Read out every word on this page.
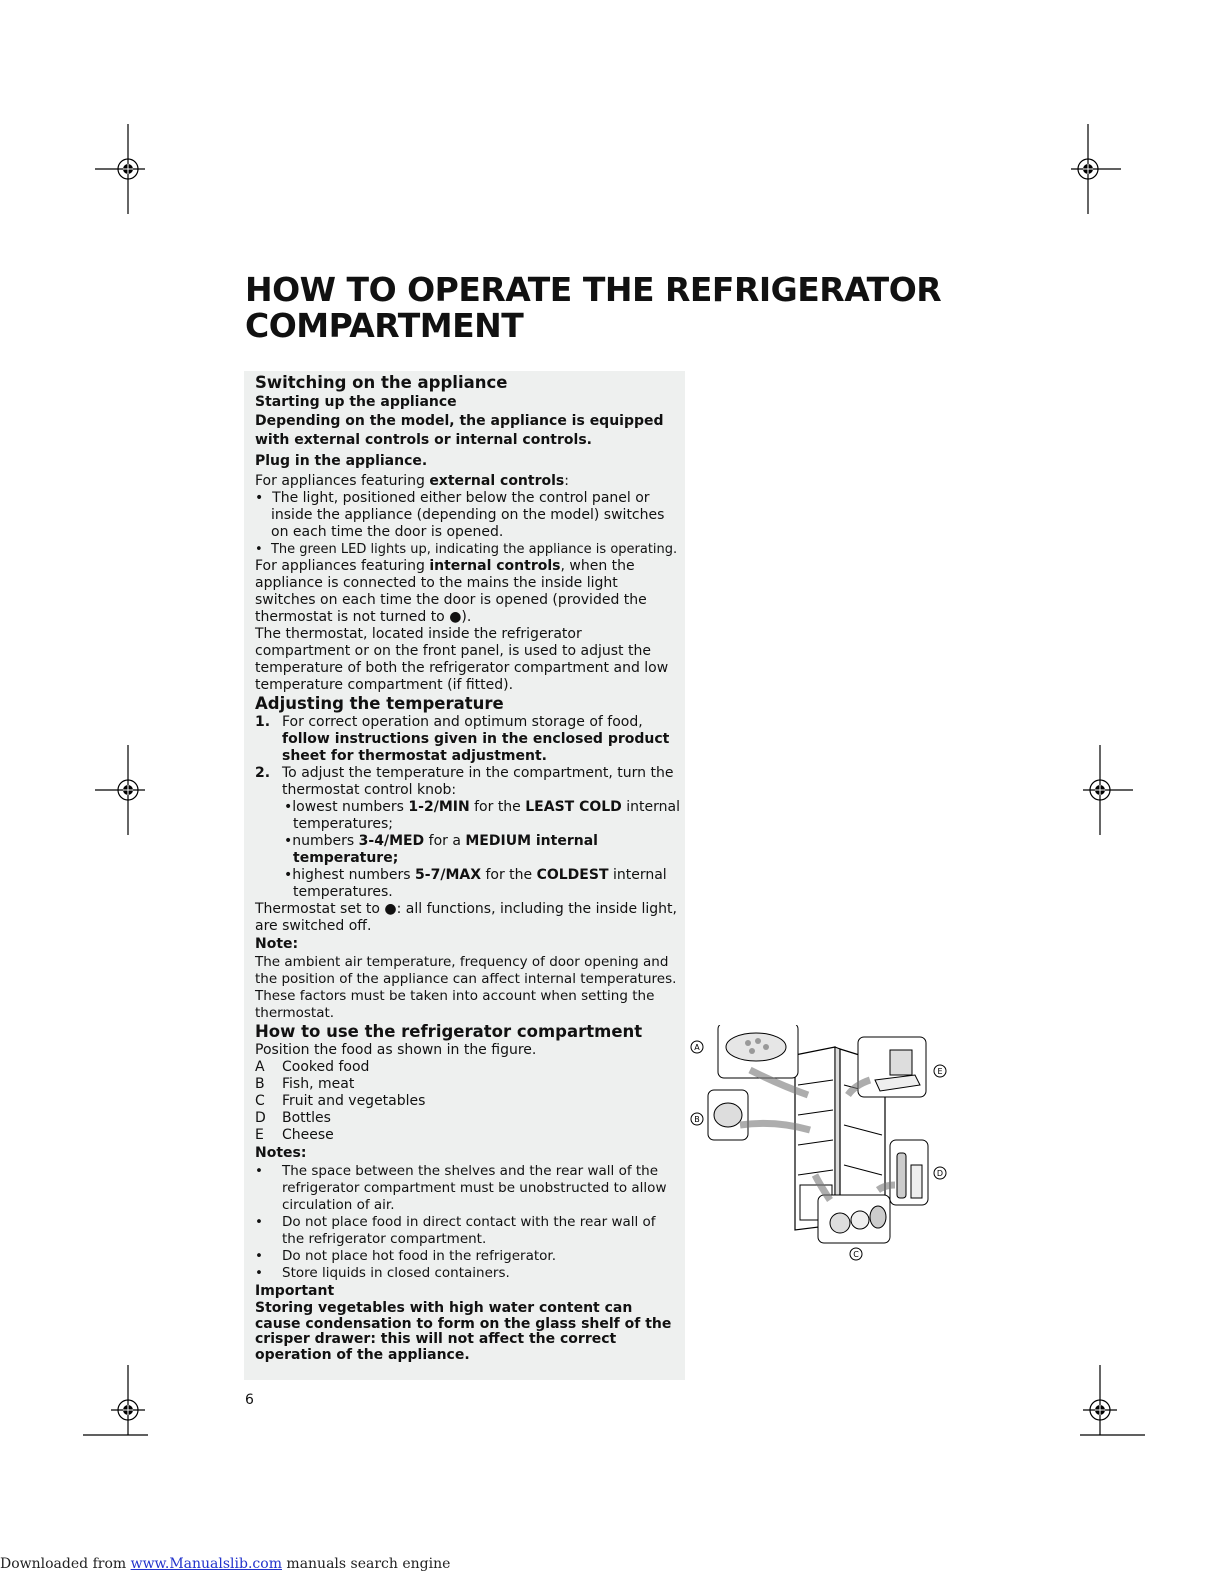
HOW TO OPERATE THE REFRIGERATOR
COMPARTMENT

Switching on the appliance

Starting up the appliance

Depending on the model, the appliance is equipped with external controls or internal controls.

Plug in the appliance.

For appliances featuring external controls:

•  The light, positioned either below the control panel or inside the appliance (depending on the model) switches on each time the door is opened.

•  The green LED lights up, indicating the appliance is operating.

For appliances featuring internal controls, when the appliance is connected to the mains the inside light switches on each time the door is opened (provided the thermostat is not turned to ●).

The thermostat, located inside the refrigerator compartment or on the front panel, is used to adjust the temperature of both the refrigerator compartment and low temperature compartment (if fitted).

Adjusting the temperature

1. For correct operation and optimum storage of food, follow instructions given in the enclosed product sheet for thermostat adjustment.
2. To adjust the temperature in the compartment, turn the thermostat control knob:

•lowest numbers 1-2/MIN for the LEAST COLD internal temperatures;

•numbers 3-4/MED for a MEDIUM internal temperature;

•highest numbers 5-7/MAX for the COLDEST internal temperatures.

Thermostat set to ●: all functions, including the inside light, are switched off.

Note:

The ambient air temperature, frequency of door opening and the position of the appliance can affect internal temperatures. These factors must be taken into account when setting the thermostat.

How to use the refrigerator compartment

Position the food as shown in the figure.

A	Cooked food
B	Fish, meat
C	Fruit and vegetables
D	Bottles
E	Cheese

Notes:

•	The space between the shelves and the rear wall of the refrigerator compartment must be unobstructed to allow circulation of air.
•	Do not place food in direct contact with the rear wall of the refrigerator compartment.
•	Do not place hot food in the refrigerator.
•	Store liquids in closed containers.

Important

Storing vegetables with high water content can cause condensation to form on the glass shelf of the crisper drawer: this will not affect the correct operation of the appliance.

A
B
C
D
E
6
Downloaded from www.Manualslib.com manuals search engine
